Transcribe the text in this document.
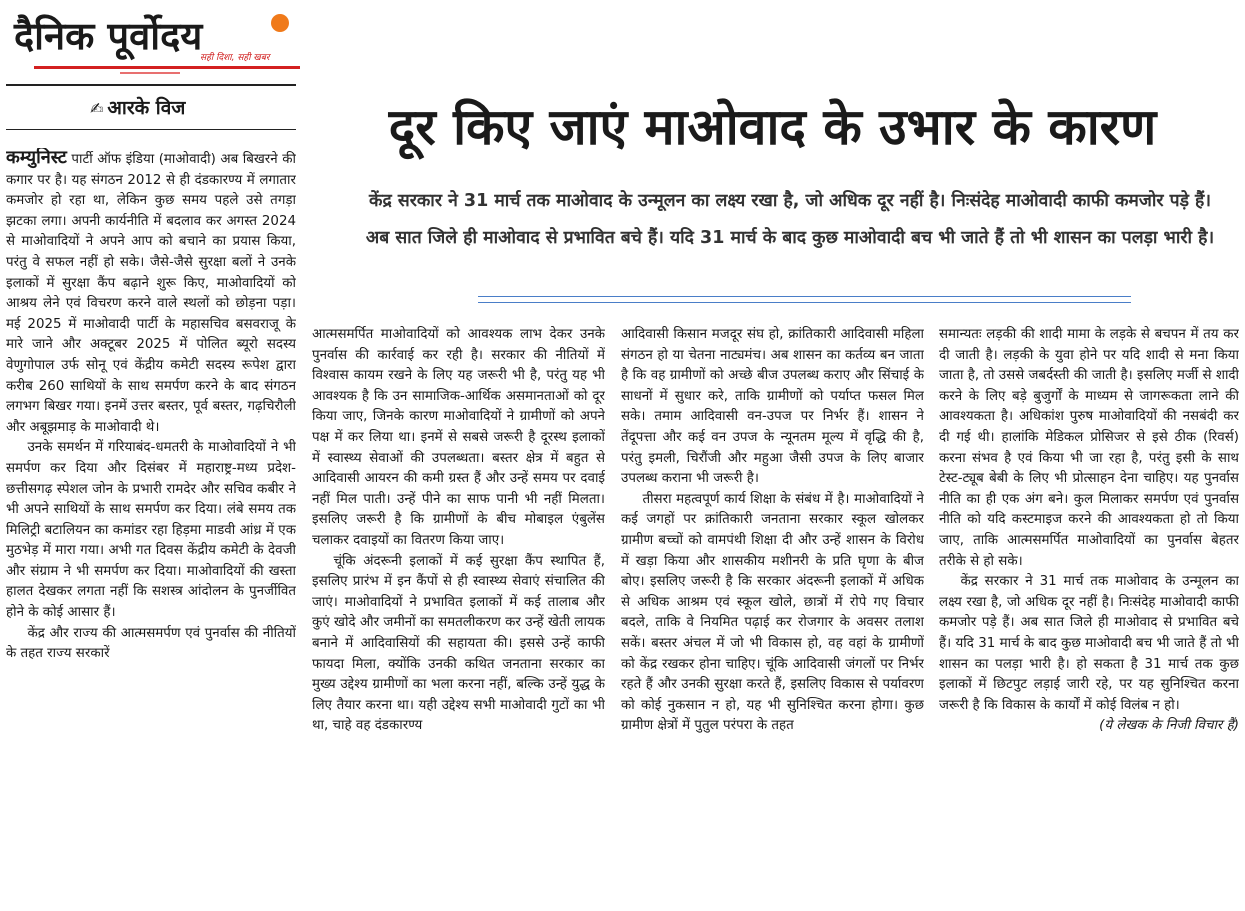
दैनिक पूर्वोदय
सही दिशा, सही खबर
✍ आरके विज	दूर किए जाएं माओवाद के उभार के कारण
केंद्र सरकार ने 31 मार्च तक माओवाद के उन्मूलन का लक्ष्य रखा है, जो अधिक दूर नहीं है। निःसंदेह माओवादी काफी कमजोर पड़े हैं। अब सात जिले ही माओवाद से प्रभावित बचे हैं। यदि 31 मार्च के बाद कुछ माओवादी बच भी जाते हैं तो भी शासन का पलड़ा भारी है।

कम्युनिस्ट पार्टी ऑफ इंडिया (माओवादी) अब बिखरने की कगार पर है। यह संगठन 2012 से ही दंडकारण्य में लगातार कमजोर हो रहा था, लेकिन कुछ समय पहले उसे तगड़ा झटका लगा। अपनी कार्यनीति में बदलाव कर अगस्त 2024 से माओवादियों ने अपने आप को बचाने का प्रयास किया, परंतु वे सफल नहीं हो सके। जैसे-जैसे सुरक्षा बलों ने उनके इलाकों में सुरक्षा कैंप बढ़ाने शुरू किए, माओवादियों को आश्रय लेने एवं विचरण करने वाले स्थलों को छोड़ना पड़ा। मई 2025 में माओवादी पार्टी के महासचिव बसवराजू के मारे जाने और अक्टूबर 2025 में पोलित ब्यूरो सदस्य वेणुगोपाल उर्फ सोनू एवं केंद्रीय कमेटी सदस्य रूपेश द्वारा करीब 260 साथियों के साथ समर्पण करने के बाद संगठन लगभग बिखर गया। इनमें उत्तर बस्तर, पूर्व बस्तर, गढ़चिरौली और अबूझमाड़ के माओवादी थे।

उनके समर्थन में गरियाबंद-धमतरी के माओवादियों ने भी समर्पण कर दिया और दिसंबर में महाराष्ट्र-मध्य प्रदेश-छत्तीसगढ़ स्पेशल जोन के प्रभारी रामदेर और सचिव कबीर ने भी अपने साथियों के साथ समर्पण कर दिया। लंबे समय तक मिलिट्री बटालियन का कमांडर रहा हिड़मा माडवी आंध्र में एक मुठभेड़ में मारा गया। अभी गत दिवस केंद्रीय कमेटी के देवजी और संग्राम ने भी समर्पण कर दिया। माओवादियों की खस्ता हालत देखकर लगता नहीं कि सशस्त्र आंदोलन के पुनर्जीवित होने के कोई आसार हैं।

केंद्र और राज्य की आत्मसमर्पण एवं पुनर्वास की नीतियों के तहत राज्य सरकारें

आत्मसमर्पित माओवादियों को आवश्यक लाभ देकर उनके पुनर्वास की कार्रवाई कर रही है। सरकार की नीतियों में विश्वास कायम रखने के लिए यह जरूरी भी है, परंतु यह भी आवश्यक है कि उन सामाजिक-आर्थिक असमानताओं को दूर किया जाए, जिनके कारण माओवादियों ने ग्रामीणों को अपने पक्ष में कर लिया था। इनमें से सबसे जरूरी है दूरस्थ इलाकों में स्वास्थ्य सेवाओं की उपलब्धता। बस्तर क्षेत्र में बहुत से आदिवासी आयरन की कमी ग्रस्त हैं और उन्हें समय पर दवाई नहीं मिल पाती। उन्हें पीने का साफ पानी भी नहीं मिलता। इसलिए जरूरी है कि ग्रामीणों के बीच मोबाइल एंबुलेंस चलाकर दवाइयों का वितरण किया जाए।

चूंकि अंदरूनी इलाकों में कई सुरक्षा कैंप स्थापित हैं, इसलिए प्रारंभ में इन कैंपों से ही स्वास्थ्य सेवाएं संचालित की जाएं। माओवादियों ने प्रभावित इलाकों में कई तालाब और कुएं खोदे और जमीनों का समतलीकरण कर उन्हें खेती लायक बनाने में आदिवासियों की सहायता की। इससे उन्हें काफी फायदा मिला, क्योंकि उनकी कथित जनताना सरकार का मुख्य उद्देश्य ग्रामीणों का भला करना नहीं, बल्कि उन्हें युद्ध के लिए तैयार करना था। यही उद्देश्य सभी माओवादी गुटों का भी था, चाहे वह दंडकारण्य

आदिवासी किसान मजदूर संघ हो, क्रांतिकारी आदिवासी महिला संगठन हो या चेतना नाट्यमंच। अब शासन का कर्तव्य बन जाता है कि वह ग्रामीणों को अच्छे बीज उपलब्ध कराए और सिंचाई के साधनों में सुधार करे, ताकि ग्रामीणों को पर्याप्त फसल मिल सके। तमाम आदिवासी वन-उपज पर निर्भर हैं। शासन ने तेंदूपत्ता और कई वन उपज के न्यूनतम मूल्य में वृद्धि की है, परंतु इमली, चिरौंजी और महुआ जैसी उपज के लिए बाजार उपलब्ध कराना भी जरूरी है।

तीसरा महत्वपूर्ण कार्य शिक्षा के संबंध में है। माओवादियों ने कई जगहों पर क्रांतिकारी जनताना सरकार स्कूल खोलकर ग्रामीण बच्चों को वामपंथी शिक्षा दी और उन्हें शासन के विरोध में खड़ा किया और शासकीय मशीनरी के प्रति घृणा के बीज बोए। इसलिए जरूरी है कि सरकार अंदरूनी इलाकों में अधिक से अधिक आश्रम एवं स्कूल खोले, छात्रों में रोपे गए विचार बदले, ताकि वे नियमित पढ़ाई कर रोजगार के अवसर तलाश सकें। बस्तर अंचल में जो भी विकास हो, वह वहां के ग्रामीणों को केंद्र रखकर होना चाहिए। चूंकि आदिवासी जंगलों पर निर्भर रहते हैं और उनकी सुरक्षा करते हैं, इसलिए विकास से पर्यावरण को कोई नुकसान न हो, यह भी सुनिश्चित करना होगा। कुछ ग्रामीण क्षेत्रों में पुतुल परंपरा के तहत

समान्यतः लड़की की शादी मामा के लड़के से बचपन में तय कर दी जाती है। लड़की के युवा होने पर यदि शादी से मना किया जाता है, तो उससे जबर्दस्ती की जाती है। इसलिए मर्जी से शादी करने के लिए बड़े बुजुर्गों के माध्यम से जागरूकता लाने की आवश्यकता है। अधिकांश पुरुष माओवादियों की नसबंदी कर दी गई थी। हालांकि मेडिकल प्रोसिजर से इसे ठीक (रिवर्स) करना संभव है एवं किया भी जा रहा है, परंतु इसी के साथ टेस्ट-ट्यूब बेबी के लिए भी प्रोत्साहन देना चाहिए। यह पुनर्वास नीति का ही एक अंग बने। कुल मिलाकर समर्पण एवं पुनर्वास नीति को यदि कस्टमाइज करने की आवश्यकता हो तो किया जाए, ताकि आत्मसमर्पित माओवादियों का पुनर्वास बेहतर तरीके से हो सके।

केंद्र सरकार ने 31 मार्च तक माओवाद के उन्मूलन का लक्ष्य रखा है, जो अधिक दूर नहीं है। निःसंदेह माओवादी काफी कमजोर पड़े हैं। अब सात जिले ही माओवाद से प्रभावित बचे हैं। यदि 31 मार्च के बाद कुछ माओवादी बच भी जाते हैं तो भी शासन का पलड़ा भारी है। हो सकता है 31 मार्च तक कुछ इलाकों में छिटपुट लड़ाई जारी रहे, पर यह सुनिश्चित करना जरूरी है कि विकास के कार्यों में कोई विलंब न हो।

(ये लेखक के निजी विचार हैं)
